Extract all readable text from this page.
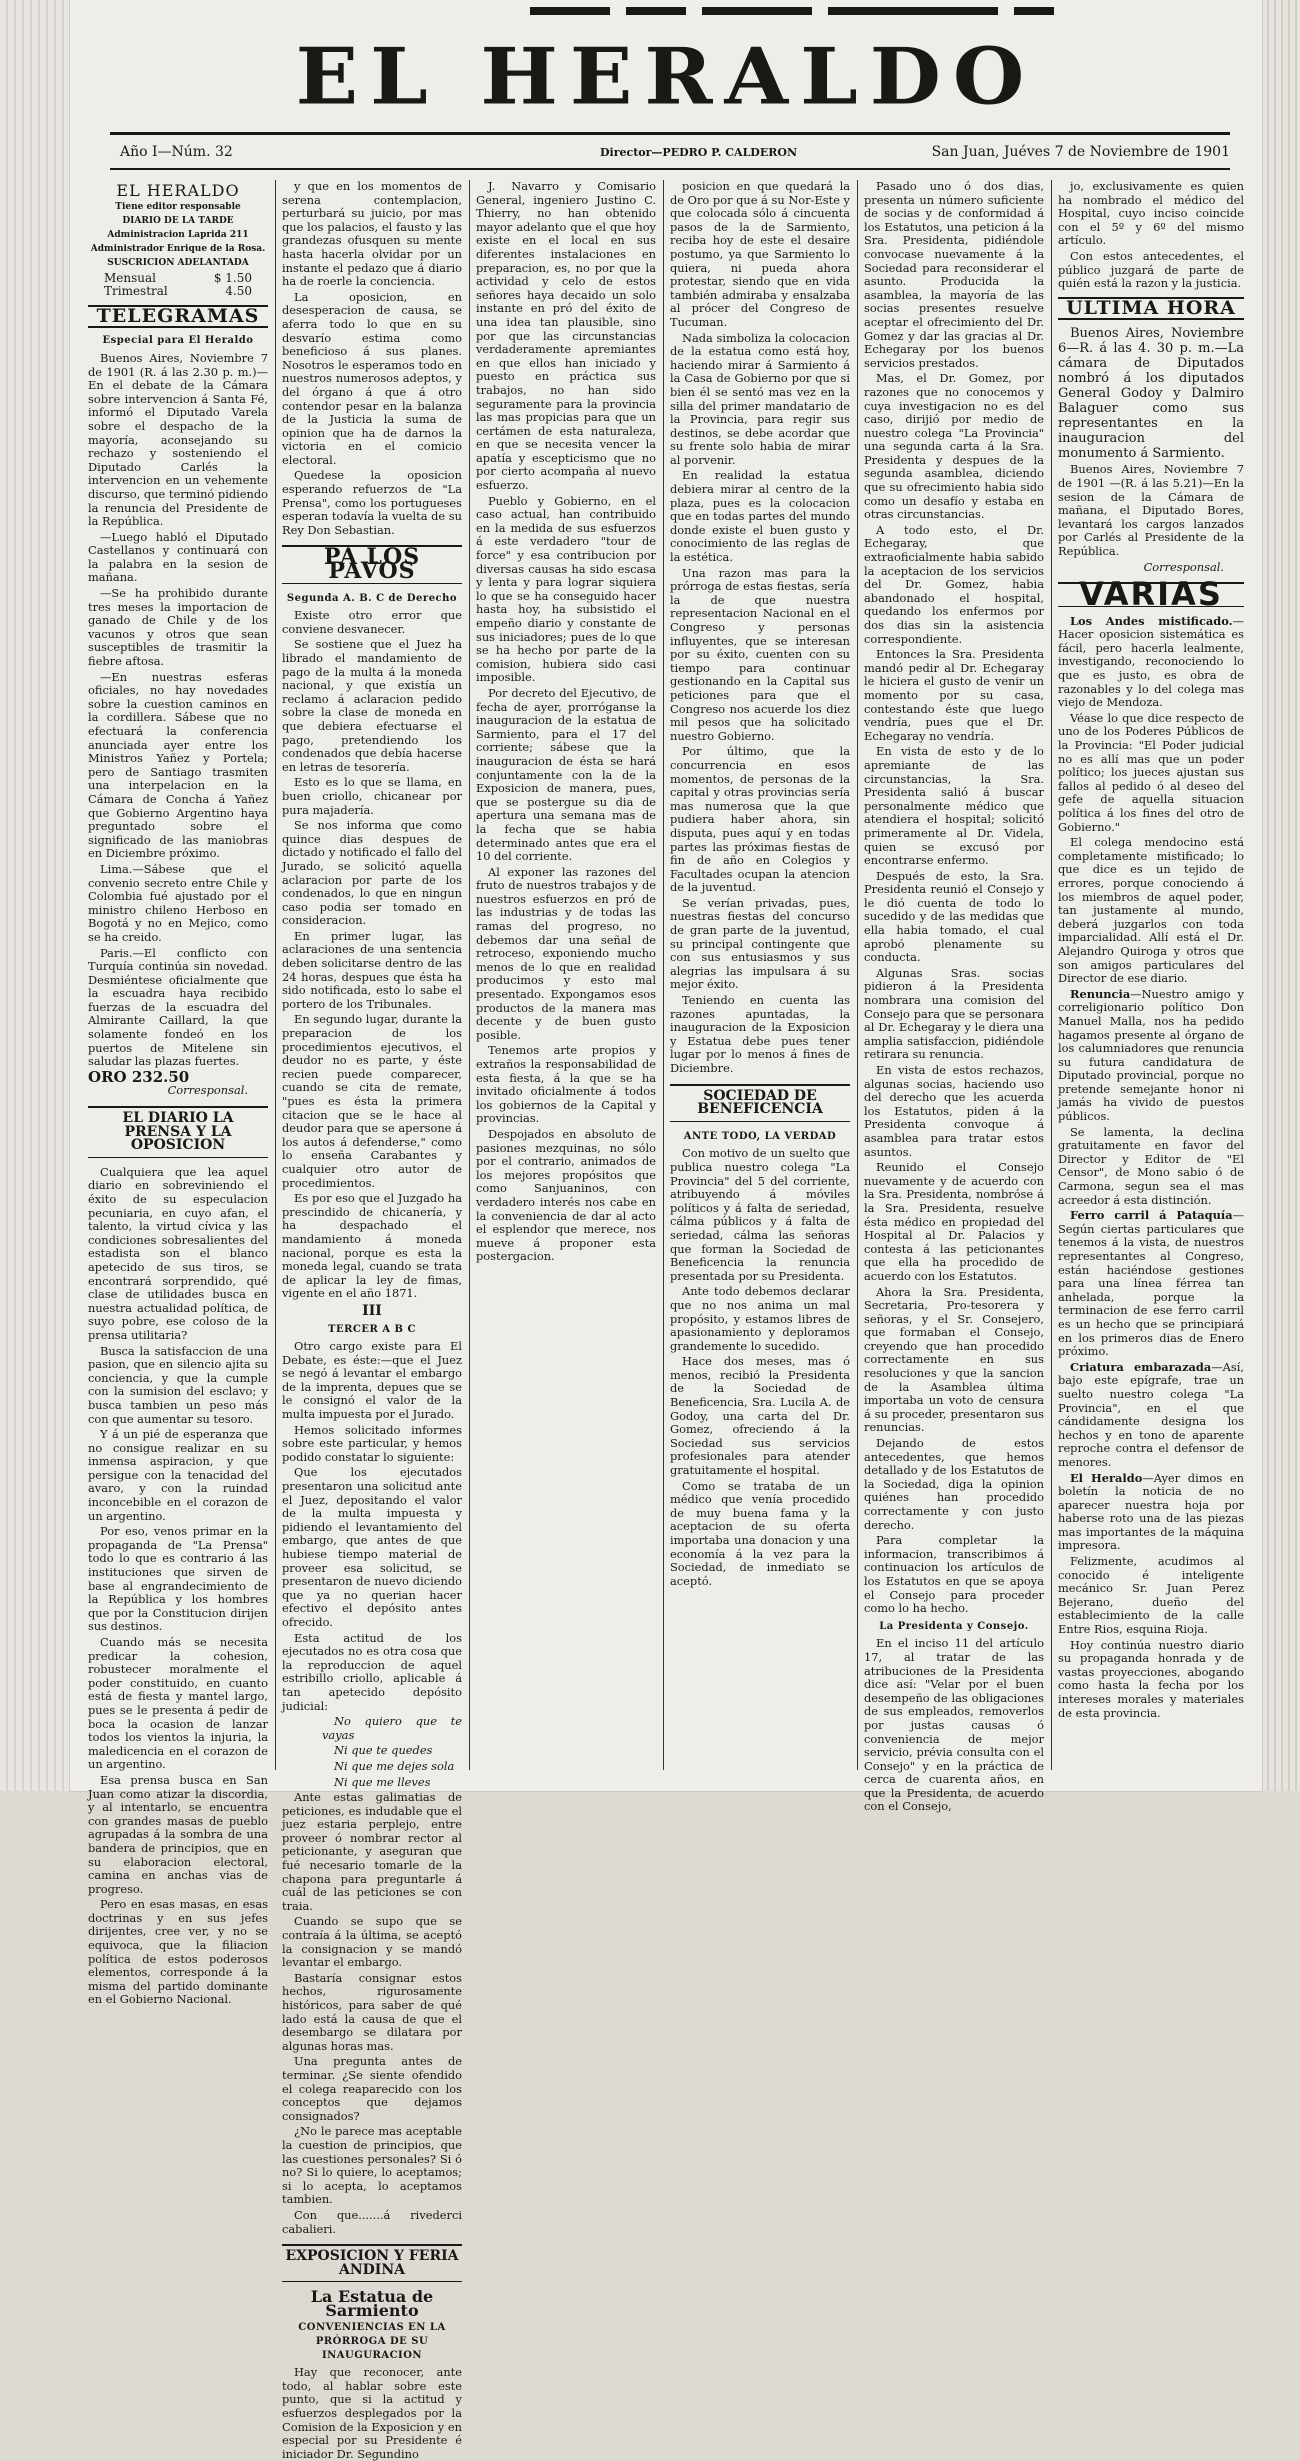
EL HERALDO
Año I—Núm. 32	Director—PEDRO P. CALDERON	San Juan, Juéves 7 de Noviembre de 1901
EL HERALDO
Tiene editor responsable
DIARIO DE LA TARDE
Administracion Laprida 211
Administrador Enrique de la Rosa.
SUSCRICION ADELANTADA
Mensual	$ 1.50
Trimestral	4.50
TELEGRAMAS
Especial para El Heraldo

Buenos Aires, Noviembre 7 de 1901 (R. á las 2.30 p. m.)—En el debate de la Cámara sobre intervencion á Santa Fé, informó el Diputado Varela sobre el despacho de la mayoría, aconsejando su rechazo y sosteniendo el Diputado Carlés la intervencion en un vehemente discurso, que terminó pidiendo la renuncia del Presidente de la República.

—Luego habló el Diputado Castellanos y continuará con la palabra en la sesion de mañana.

—Se ha prohibido durante tres meses la importacion de ganado de Chile y de los vacunos y otros que sean susceptibles de trasmitir la fiebre aftosa.

—En nuestras esferas oficiales, no hay novedades sobre la cuestion caminos en la cordillera. Sábese que no efectuará la conferencia anunciada ayer entre los Ministros Yañez y Portela; pero de Santiago trasmiten una interpelacion en la Cámara de Concha á Yañez que Gobierno Argentino haya preguntado sobre el significado de las maniobras en Diciembre próximo.

Lima.—Sábese que el convenio secreto entre Chile y Colombia fué ajustado por el ministro chileno Herboso en Bogotá y no en Mejico, como se ha creido.

Paris.—El conflicto con Turquía continúa sin novedad. Desmiéntese oficialmente que la escuadra haya recibido fuerzas de la escuadra del Almirante Caillard, la que solamente fondeó en los puertos de Mitelene sin saludar las plazas fuertes.

ORO 232.50
Corresponsal.
EL DIARIO LA PRENSA Y LA OPOSICION

Cualquiera que lea aquel diario en sobreviniendo el éxito de su especulacion pecuniaria, en cuyo afan, el talento, la virtud cívica y las condiciones sobresalientes del estadista son el blanco apetecido de sus tiros, se encontrará sorprendido, qué clase de utilidades busca en nuestra actualidad política, de suyo pobre, ese coloso de la prensa utilitaria?

Busca la satisfaccion de una pasion, que en silencio ajita su conciencia, y que la cumple con la sumision del esclavo; y busca tambien un peso más con que aumentar su tesoro.

Y á un pié de esperanza que no consigue realizar en su inmensa aspiracion, y que persigue con la tenacidad del avaro, y con la ruindad inconcebible en el corazon de un argentino.

Por eso, venos primar en la propaganda de "La Prensa" todo lo que es contrario á las instituciones que sirven de base al engrandecimiento de la República y los hombres que por la Constitucion dirijen sus destinos.

Cuando más se necesita predicar la cohesion, robustecer moralmente el poder constituido, en cuanto está de fiesta y mantel largo, pues se le presenta á pedir de boca la ocasion de lanzar todos los vientos la injuria, la maledicencia en el corazon de un argentino.

Esa prensa busca en San Juan como atizar la discordia, y al intentarlo, se encuentra con grandes masas de pueblo agrupadas á la sombra de una bandera de principios, que en su elaboracion electoral, camina en anchas vias de progreso.

Pero en esas masas, en esas doctrinas y en sus jefes dirijentes, cree ver, y no se equivoca, que la filiacion política de estos poderosos elementos, corresponde á la misma del partido dominante en el Gobierno Nacional.

y que en los momentos de serena contemplacion, perturbará su juicio, por mas que los palacios, el fausto y las grandezas ofusquen su mente hasta hacerla olvidar por un instante el pedazo que á diario ha de roerle la conciencia.

La oposicion, en desesperacion de causa, se aferra todo lo que en su desvarío estima como beneficioso á sus planes. Nosotros le esperamos todo en nuestros numerosos adeptos, y del órgano á que á otro contendor pesar en la balanza de la Justicia la suma de opinion que ha de darnos la victoria en el comicio electoral.

Quedese la oposicion esperando refuerzos de "La Prensa", como los portugueses esperan todavía la vuelta de su Rey Don Sebastian.

PA LOS PAVOS
Segunda A. B. C de Derecho

Existe otro error que conviene desvanecer.

Se sostiene que el Juez ha librado el mandamiento de pago de la multa á la moneda nacional, y que existía un reclamo á aclaracion pedido sobre la clase de moneda en que debiera efectuarse el pago, pretendiendo los condenados que debía hacerse en letras de tesorería.

Esto es lo que se llama, en buen criollo, chicanear por pura majadería.

Se nos informa que como quince dias despues de dictado y notificado el fallo del Jurado, se solicitó aquella aclaracion por parte de los condenados, lo que en ningun caso podia ser tomado en consideracion.

En primer lugar, las aclaraciones de una sentencia deben solicitarse dentro de las 24 horas, despues que ésta ha sido notificada, esto lo sabe el portero de los Tribunales.

En segundo lugar, durante la preparacion de los procedimientos ejecutivos, el deudor no es parte, y éste recien puede comparecer, cuando se cita de remate, "pues es ésta la primera citacion que se le hace al deudor para que se apersone á los autos á defenderse," como lo enseña Carabantes y cualquier otro autor de procedimientos.

Es por eso que el Juzgado ha prescindido de chicanería, y ha despachado el mandamiento á moneda nacional, porque es esta la moneda legal, cuando se trata de aplicar la ley de fimas, vigente en el año 1871.

III
TERCER A B C

Otro cargo existe para El Debate, es éste:—que el Juez se negó á levantar el embargo de la imprenta, depues que se le consignó el valor de la multa impuesta por el Jurado.

Hemos solicitado informes sobre este particular, y hemos podido constatar lo siguiente:

Que los ejecutados presentaron una solicitud ante el Juez, depositando el valor de la multa impuesta y pidiendo el levantamiento del embargo, que antes de que hubiese tiempo material de proveer esa solicitud, se presentaron de nuevo diciendo que ya no querian hacer efectivo el depósito antes ofrecido.

Esta actitud de los ejecutados no es otra cosa que la reproduccion de aquel estribillo criollo, aplicable á tan apetecido depósito judicial:

No quiero que te vayas

Ni que te quedes

Ni que me dejes sola

Ni que me lleves

Ante estas galimatias de peticiones, es indudable que el juez estaria perplejo, entre proveer ó nombrar rector al peticionante, y aseguran que fué necesario tomarle de la chapona para preguntarle á cuál de las peticiones se con traia.

Cuando se supo que se contraía á la última, se aceptó la consignacion y se mandó levantar el embargo.

Bastaría consignar estos hechos, rigurosamente históricos, para saber de qué lado está la causa de que el desembargo se dilatara por algunas horas mas.

Una pregunta antes de terminar. ¿Se siente ofendido el colega reaparecido con los conceptos que dejamos consignados?

¿No le parece mas aceptable la cuestion de principios, que las cuestiones personales? Si ó no? Si lo quiere, lo aceptamos; si lo acepta, lo aceptamos tambien.

Con que.......á rivederci cabalieri.

EXPOSICION Y FERIA ANDINA
La Estatua de Sarmiento
CONVENIENCIAS EN LA PRÓRROGA DE SU INAUGURACION

Hay que reconocer, ante todo, al hablar sobre este punto, que si la actitud y esfuerzos desplegados por la Comision de la Exposicion y en especial por su Presidente é iniciador Dr. Segundino

J. Navarro y Comisario General, ingeniero Justino C. Thierry, no han obtenido mayor adelanto que el que hoy existe en el local en sus diferentes instalaciones en preparacion, es, no por que la actividad y celo de estos señores haya decaido un solo instante en pró del éxito de una idea tan plausible, sino por que las circunstancias verdaderamente apremiantes en que ellos han iniciado y puesto en práctica sus trabajos, no han sido seguramente para la provincia las mas propicias para que un certámen de esta naturaleza, en que se necesita vencer la apatía y escepticismo que no por cierto acompaña al nuevo esfuerzo.

Pueblo y Gobierno, en el caso actual, han contribuido en la medida de sus esfuerzos á este verdadero "tour de force" y esa contribucion por diversas causas ha sido escasa y lenta y para lograr siquiera lo que se ha conseguido hacer hasta hoy, ha subsistido el empeño diario y constante de sus iniciadores; pues de lo que se ha hecho por parte de la comision, hubiera sido casi imposible.

Por decreto del Ejecutivo, de fecha de ayer, prorróganse la inauguracion de la estatua de Sarmiento, para el 17 del corriente; sábese que la inauguracion de ésta se hará conjuntamente con la de la Exposicion de manera, pues, que se postergue su dia de apertura una semana mas de la fecha que se habia determinado antes que era el 10 del corriente.

Al exponer las razones del fruto de nuestros trabajos y de nuestros esfuerzos en pró de las industrias y de todas las ramas del progreso, no debemos dar una señal de retroceso, exponiendo mucho menos de lo que en realidad producimos y esto mal presentado. Expongamos esos productos de la manera mas decente y de buen gusto posible.

Tenemos arte propios y extraños la responsabilidad de esta fiesta, á la que se ha invitado oficialmente á todos los gobiernos de la Capital y provincias.

Despojados en absoluto de pasiones mezquinas, no sólo por el contrario, animados de los mejores propósitos que como Sanjuaninos, con verdadero interés nos cabe en la conveniencia de dar al acto el esplendor que merece, nos mueve á proponer esta postergacion.

posicion en que quedará la de Oro por que á su Nor-Este y que colocada sólo á cincuenta pasos de la de Sarmiento, reciba hoy de este el desaire postumo, ya que Sarmiento lo quiera, ni pueda ahora protestar, siendo que en vida también admiraba y ensalzaba al prócer del Congreso de Tucuman.

Nada simboliza la colocacion de la estatua como está hoy, haciendo mirar á Sarmiento á la Casa de Gobierno por que si bien él se sentó mas vez en la silla del primer mandatario de la Provincia, para regir sus destinos, se debe acordar que su frente solo habia de mirar al porvenir.

En realidad la estatua debiera mirar al centro de la plaza, pues es la colocacion que en todas partes del mundo donde existe el buen gusto y conocimiento de las reglas de la estética.

Una razon mas para la prórroga de estas fiestas, sería la de que nuestra representacion Nacional en el Congreso y personas influyentes, que se interesan por su éxito, cuenten con su tiempo para continuar gestionando en la Capital sus peticiones para que el Congreso nos acuerde los diez mil pesos que ha solicitado nuestro Gobierno.

Por último, que la concurrencia en esos momentos, de personas de la capital y otras provincias sería mas numerosa que la que pudiera haber ahora, sin disputa, pues aquí y en todas partes las próximas fiestas de fin de año en Colegios y Facultades ocupan la atencion de la juventud.

Se verían privadas, pues, nuestras fiestas del concurso de gran parte de la juventud, su principal contingente que con sus entusiasmos y sus alegrias las impulsara á su mejor éxito.

Teniendo en cuenta las razones apuntadas, la inauguracion de la Exposicion y Estatua debe pues tener lugar por lo menos á fines de Diciembre.

SOCIEDAD DE BENEFICENCIA
ANTE TODO, LA VERDAD

Con motivo de un suelto que publica nuestro colega "La Provincia" del 5 del corriente, atribuyendo á móviles políticos y á falta de seriedad, cálma públicos y á falta de seriedad, cálma las señoras que forman la Sociedad de Beneficencia la renuncia presentada por su Presidenta.

Ante todo debemos declarar que no nos anima un mal propósito, y estamos libres de apasionamiento y deploramos grandemente lo sucedido.

Hace dos meses, mas ó menos, recibió la Presidenta de la Sociedad de Beneficencia, Sra. Lucila A. de Godoy, una carta del Dr. Gomez, ofreciendo á la Sociedad sus servicios profesionales para atender gratuitamente el hospital.

Como se trataba de un médico que venía procedido de muy buena fama y la aceptacion de su oferta importaba una donacion y una economía á la vez para la Sociedad, de inmediato se aceptó.

Pasado uno ó dos dias, presenta un número suficiente de socias y de conformidad á los Estatutos, una peticion á la Sra. Presidenta, pidiéndole convocase nuevamente á la Sociedad para reconsiderar el asunto. Producida la asamblea, la mayoría de las socias presentes resuelve aceptar el ofrecimiento del Dr. Gomez y dar las gracias al Dr. Echegaray por los buenos servicios prestados.

Mas, el Dr. Gomez, por razones que no conocemos y cuya investigacion no es del caso, dirijió por medio de nuestro colega "La Provincia" una segunda carta á la Sra. Presidenta y despues de la segunda asamblea, diciendo que su ofrecimiento habia sido como un desafío y estaba en otras circunstancias.

A todo esto, el Dr. Echegaray, que extraoficialmente habia sabido la aceptacion de los servicios del Dr. Gomez, habia abandonado el hospital, quedando los enfermos por dos dias sin la asistencia correspondiente.

Entonces la Sra. Presidenta mandó pedir al Dr. Echegaray le hiciera el gusto de venir un momento por su casa, contestando éste que luego vendría, pues que el Dr. Echegaray no vendría.

En vista de esto y de lo apremiante de las circunstancias, la Sra. Presidenta salió á buscar personalmente médico que atendiera el hospital; solicitó primeramente al Dr. Videla, quien se excusó por encontrarse enfermo.

Después de esto, la Sra. Presidenta reunió el Consejo y le dió cuenta de todo lo sucedido y de las medidas que ella habia tomado, el cual aprobó plenamente su conducta.

Algunas Sras. socias pidieron á la Presidenta nombrara una comision del Consejo para que se personara al Dr. Echegaray y le diera una amplia satisfaccion, pidiéndole retirara su renuncia.

En vista de estos rechazos, algunas socias, haciendo uso del derecho que les acuerda los Estatutos, piden á la Presidenta convoque á asamblea para tratar estos asuntos.

Reunido el Consejo nuevamente y de acuerdo con la Sra. Presidenta, nombróse á la Sra. Presidenta, resuelve ésta médico en propiedad del Hospital al Dr. Palacios y contesta á las peticionantes que ella ha procedido de acuerdo con los Estatutos.

Ahora la Sra. Presidenta, Secretaria, Pro-tesorera y señoras, y el Sr. Consejero, que formaban el Consejo, creyendo que han procedido correctamente en sus resoluciones y que la sancion de la Asamblea última importaba un voto de censura á su proceder, presentaron sus renuncias.

Dejando de estos antecedentes, que hemos detallado y de los Estatutos de la Sociedad, diga la opinion quiénes han procedido correctamente y con justo derecho.

Para completar la informacion, transcribimos á continuacion los artículos de los Estatutos en que se apoya el Consejo para proceder como lo ha hecho.

La Presidenta y Consejo.

En el inciso 11 del artículo 17, al tratar de las atribuciones de la Presidenta dice así: "Velar por el buen desempeño de las obligaciones de sus empleados, removerlos por justas causas ó conveniencia de mejor servicio, prévia consulta con el Consejo" y en la práctica de cerca de cuarenta años, en que la Presidenta, de acuerdo con el Consejo,

jo, exclusivamente es quien ha nombrado el médico del Hospital, cuyo inciso coincide con el 5º y 6º del mismo artículo.

Con estos antecedentes, el público juzgará de parte de quién está la razon y la justicia.

ULTIMA HORA

Buenos Aires, Noviembre 6—R. á las 4. 30 p. m.—La cámara de Diputados nombró á los diputados General Godoy y Dalmiro Balaguer como sus representantes en la inauguracion del monumento á Sarmiento.

Buenos Aires, Noviembre 7 de 1901 —(R. á las 5.21)—En la sesion de la Cámara de mañana, el Diputado Bores, levantará los cargos lanzados por Carlés al Presidente de la República.

Corresponsal.
VARIAS

Los Andes mistificado.—Hacer oposicion sistemática es fácil, pero hacerla lealmente, investigando, reconociendo lo que es justo, es obra de razonables y lo del colega mas viejo de Mendoza.

Véase lo que dice respecto de uno de los Poderes Públicos de la Provincia: "El Poder judicial no es allí mas que un poder político; los jueces ajustan sus fallos al pedido ó al deseo del gefe de aquella situacion política á los fines del otro de Gobierno."

El colega mendocino está completamente mistificado; lo que dice es un tejido de errores, porque conociendo á los miembros de aquel poder, tan justamente al mundo, deberá juzgarlos con toda imparcialidad. Allí está el Dr. Alejandro Quiroga y otros que son amigos particulares del Director de ese diario.

Renuncia—Nuestro amigo y correligionario político Don Manuel Malla, nos ha pedido hagamos presente al órgano de los calumniadores que renuncia su futura candidatura de Diputado provincial, porque no pretende semejante honor ni jamás ha vivido de puestos públicos.

Se lamenta, la declina gratuitamente en favor del Director y Editor de "El Censor", de Mono sabio ó de Carmona, segun sea el mas acreedor á esta distinción.

Ferro carril á Pataquía—Según ciertas particulares que tenemos á la vista, de nuestros representantes al Congreso, están haciéndose gestiones para una línea férrea tan anhelada, porque la terminacion de ese ferro carril es un hecho que se principiará en los primeros dias de Enero próximo.

Criatura embarazada—Así, bajo este epígrafe, trae un suelto nuestro colega "La Provincia", en el que cándidamente designa los hechos y en tono de aparente reproche contra el defensor de menores.

El Heraldo—Ayer dimos en boletín la noticia de no aparecer nuestra hoja por haberse roto una de las piezas mas importantes de la máquina impresora.

Felizmente, acudimos al conocido é inteligente mecánico Sr. Juan Perez Bejerano, dueño del establecimiento de la calle Entre Rios, esquina Rioja.

Hoy continúa nuestro diario su propaganda honrada y de vastas proyecciones, abogando como hasta la fecha por los intereses morales y materiales de esta provincia.
